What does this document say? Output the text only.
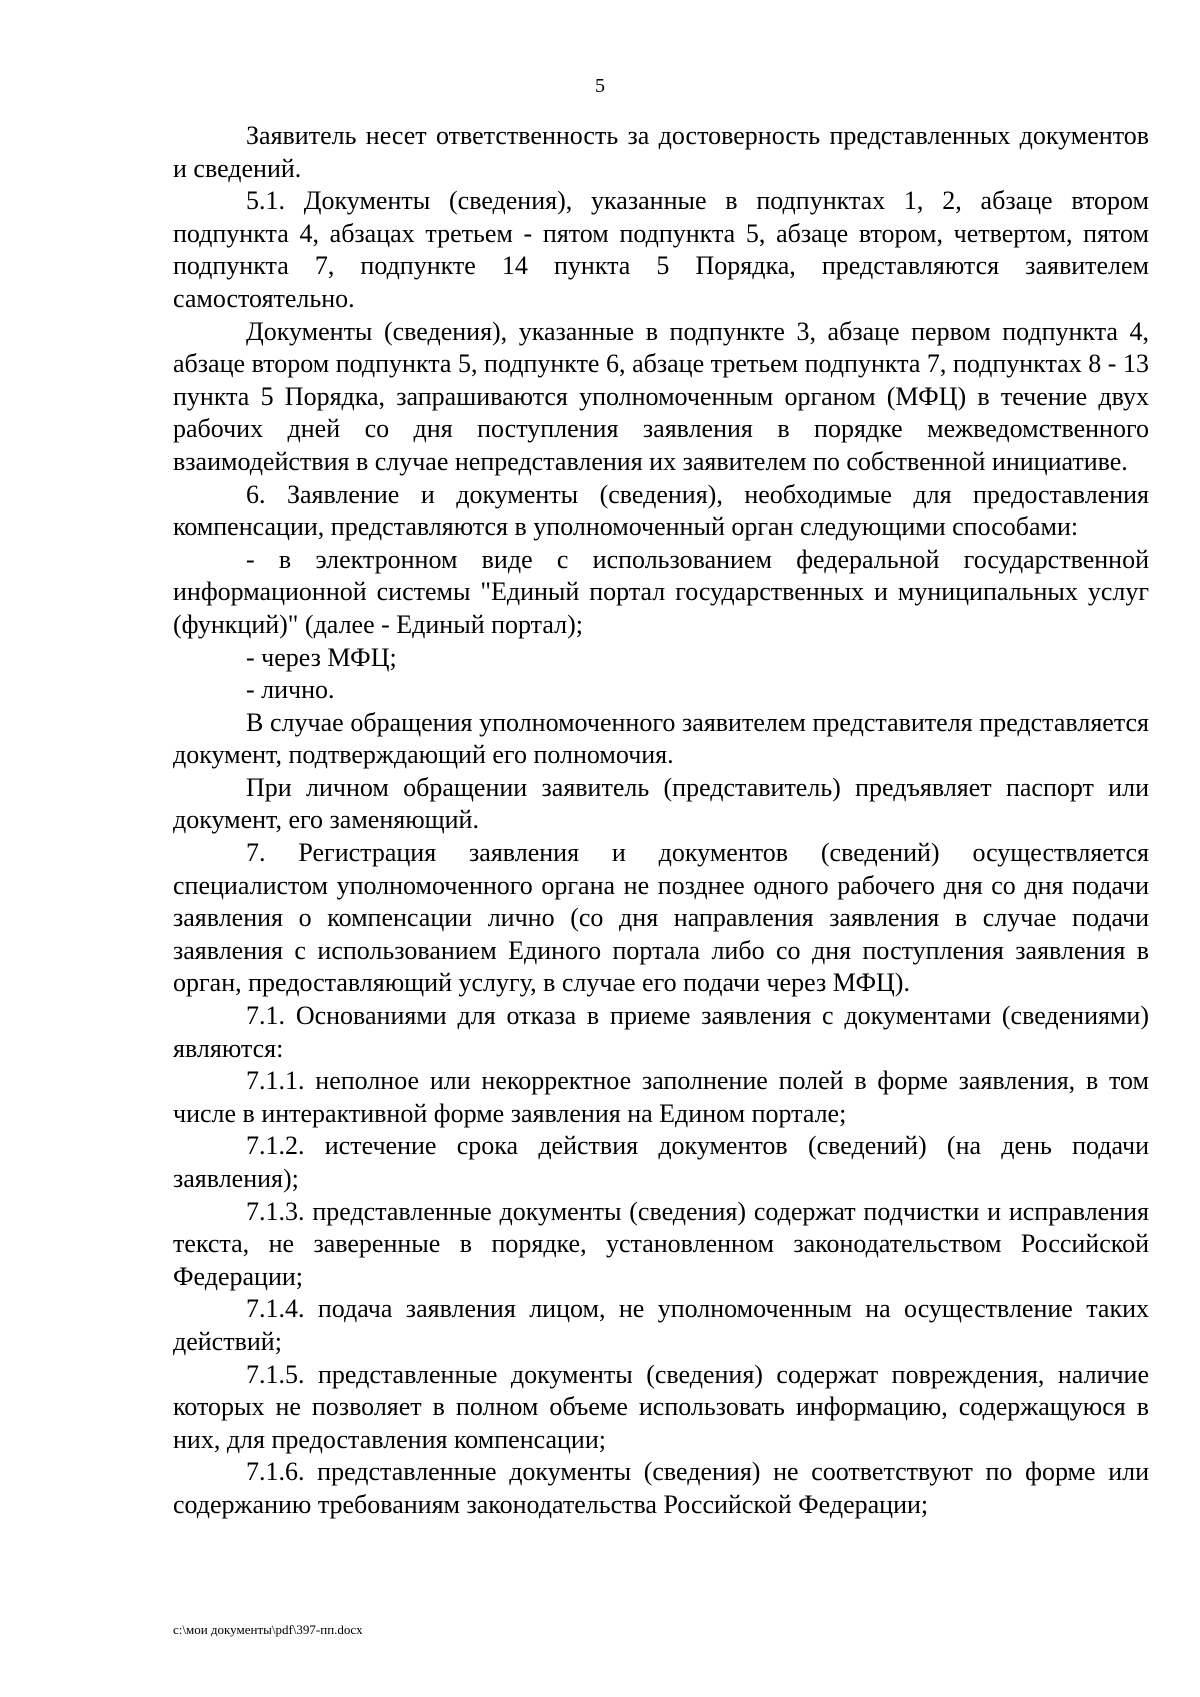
5

Заявитель несет ответственность за достоверность представленных документов и сведений.

5.1. Документы (сведения), указанные в подпунктах 1, 2, абзаце втором подпункта 4, абзацах третьем - пятом подпункта 5, абзаце втором, четвертом, пятом подпункта 7, подпункте 14 пункта 5 Порядка, представляются заявителем самостоятельно.

Документы (сведения), указанные в подпункте 3, абзаце первом подпункта 4, абзаце втором подпункта 5, подпункте 6, абзаце третьем подпункта 7, подпунктах 8 - 13 пункта 5 Порядка, запрашиваются уполномоченным органом (МФЦ) в течение двух рабочих дней со дня поступления заявления в порядке межведомственного взаимодействия в случае непредставления их заявителем по собственной инициативе.

6. Заявление и документы (сведения), необходимые для предоставления компенсации, представляются в уполномоченный орган следующими способами:

- в электронном виде с использованием федеральной государственной информационной системы "Единый портал государственных и муниципальных услуг (функций)" (далее - Единый портал);

- через МФЦ;

- лично.

В случае обращения уполномоченного заявителем представителя представляется документ, подтверждающий его полномочия.

При личном обращении заявитель (представитель) предъявляет паспорт или документ, его заменяющий.

7. Регистрация заявления и документов (сведений) осуществляется специалистом уполномоченного органа не позднее одного рабочего дня со дня подачи заявления о компенсации лично (со дня направления заявления в случае подачи заявления с использованием Единого портала либо со дня поступления заявления в орган, предоставляющий услугу, в случае его подачи через МФЦ).

7.1. Основаниями для отказа в приеме заявления с документами (сведениями) являются:

7.1.1. неполное или некорректное заполнение полей в форме заявления, в том числе в интерактивной форме заявления на Едином портале;

7.1.2. истечение срока действия документов (сведений) (на день подачи заявления);

7.1.3. представленные документы (сведения) содержат подчистки и исправления текста, не заверенные в порядке, установленном законодательством Российской Федерации;

7.1.4. подача заявления лицом, не уполномоченным на осуществление таких действий;

7.1.5. представленные документы (сведения) содержат повреждения, наличие которых не позволяет в полном объеме использовать информацию, содержащуюся в них, для предоставления компенсации;

7.1.6. представленные документы (сведения) не соответствуют по форме или содержанию требованиям законодательства Российской Федерации;

c:\мои документы\pdf\397-пп.docx
